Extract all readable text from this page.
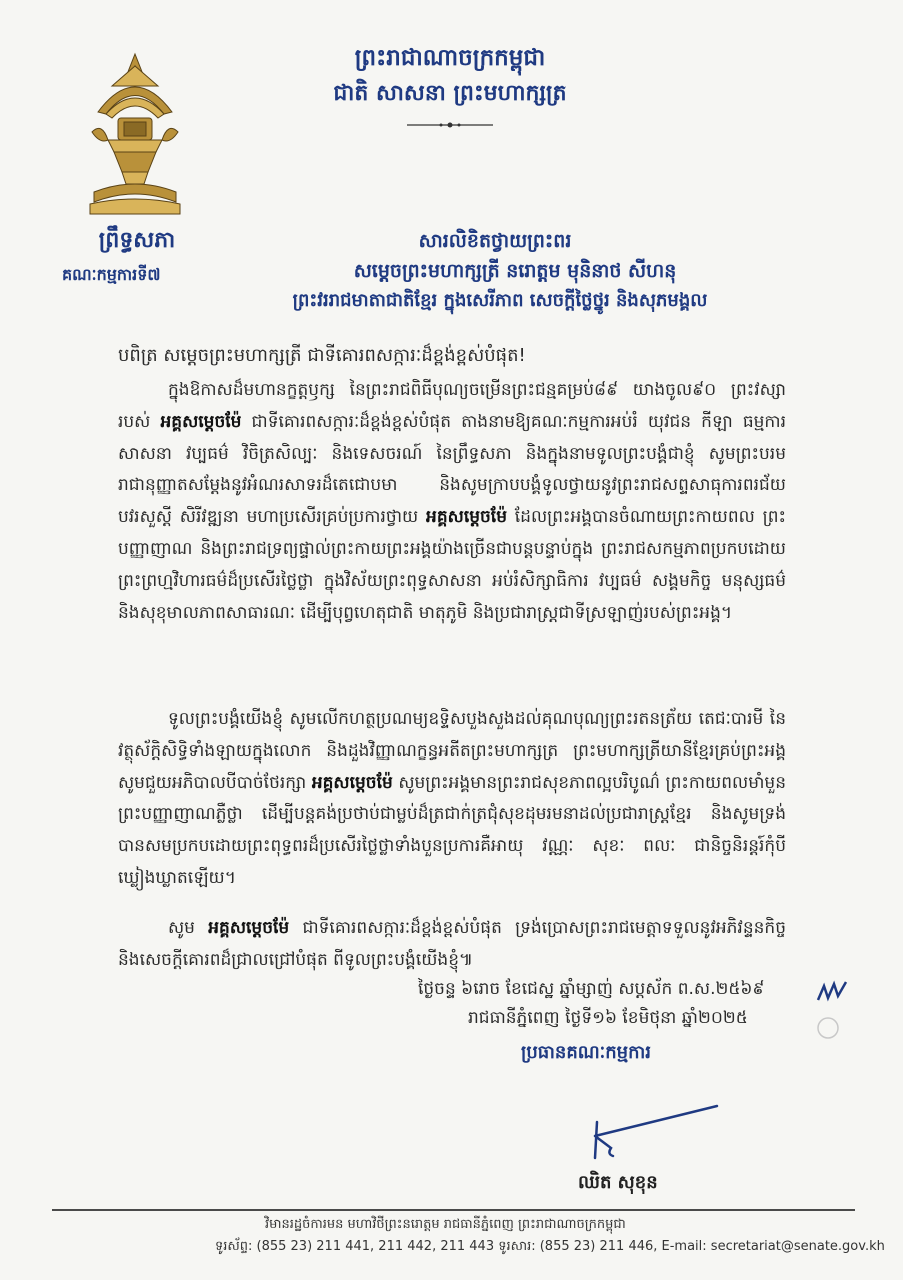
ព្រះរាជាណាចក្រកម្ពុជា
ជាតិ សាសនា ព្រះមហាក្សត្រ
ព្រឹទ្ធសភា
គណៈកម្មការទី៧
សារលិខិតថ្វាយព្រះពរ
សម្តេចព្រះមហាក្សត្រី នរោត្តម មុនិនាថ សីហនុ
ព្រះវររាជមាតាជាតិខ្មែរ ក្នុងសេរីភាព សេចក្តីថ្លៃថ្នូរ និងសុភមង្គល
បពិត្រ សម្តេចព្រះមហាក្សត្រី ជាទីគោរពសក្ការៈដ៏ខ្ពង់ខ្ពស់បំផុត!

ក្នុងឱកាសដ៏មហានក្ខត្តឫក្ស នៃព្រះរាជពិធីបុណ្យចម្រើនព្រះជន្មគម្រប់៨៩ យាងចូល៩០ ព្រះវស្សា របស់ អគ្គសម្តេចម៉ែ ជាទីគោរពសក្ការៈដ៏ខ្ពង់ខ្ពស់បំផុត តាងនាមឱ្យគណៈកម្មការអប់រំ យុវជន កីឡា ធម្មការ សាសនា វប្បធម៌ វិចិត្រសិល្បៈ និងទេសចរណ៍ នៃព្រឹទ្ធសភា និងក្នុងនាមទូលព្រះបង្គំជាខ្ញុំ សូមព្រះបរមរាជានុញ្ញាតសម្តែងនូវអំណរសាទរដ៏តេជោបមា និងសូមក្រាបបង្គំទូលថ្វាយនូវព្រះរាជសព្ទសាធុការពរជ័យ បវរសួស្តី សិរីវឌ្ឍនា មហាប្រសើរគ្រប់ប្រការថ្វាយ អគ្គសម្តេចម៉ែ ដែលព្រះអង្គបានចំណាយព្រះកាយពល ព្រះបញ្ញាញាណ និងព្រះរាជទ្រព្យផ្ទាល់ព្រះកាយព្រះអង្គយ៉ាងច្រើនជាបន្តបន្ទាប់ក្នុង ព្រះរាជសកម្មភាពប្រកបដោយព្រះព្រហ្មវិហារធម៌ដ៏ប្រសើរថ្លៃថ្លា ក្នុងវិស័យព្រះពុទ្ធសាសនា អប់រំសិក្សាធិការ វប្បធម៌ សង្គមកិច្ច មនុស្សធម៌ និងសុខុមាលភាពសាធារណៈ ដើម្បីបុព្វហេតុជាតិ មាតុភូមិ និងប្រជារាស្ត្រជាទីស្រឡាញ់របស់ព្រះអង្គ។

ទូលព្រះបង្គំយើងខ្ញុំ សូមលើកហត្ថប្រណម្យឧទ្ទិសបួងសួងដល់គុណបុណ្យព្រះរតនត្រ័យ តេជៈបារមី នៃវត្ថុស័ក្តិសិទ្ធិទាំងឡាយក្នុងលោក និងដួងវិញ្ញាណក្ខន្ធអតីតព្រះមហាក្សត្រ ព្រះមហាក្សត្រីយានីខ្មែរគ្រប់ព្រះអង្គ សូមជួយអភិបាលបីបាច់ថែរក្សា អគ្គសម្តេចម៉ែ សូមព្រះអង្គមានព្រះរាជសុខភាពល្អបរិបូណ៌ ព្រះកាយពលមាំមួន ព្រះបញ្ញាញាណភ្លឺថ្លា ដើម្បីបន្តគង់ប្រថាប់ជាម្លប់ដ៏ត្រជាក់ត្រជុំសុខដុមរមនាដល់ប្រជារាស្ត្រខ្មែរ និងសូមទ្រង់បានសមប្រកបដោយព្រះពុទ្ធពរដ៏ប្រសើរថ្លៃថ្លាទាំងបួនប្រការគឺអាយុ វណ្ណៈ សុខៈ ពលៈ ជានិច្ចនិរន្តរ៍កុំបីឃ្លៀងឃ្លាតឡើយ។

សូម អគ្គសម្តេចម៉ែ ជាទីគោរពសក្ការៈដ៏ខ្ពង់ខ្ពស់បំផុត ទ្រង់ប្រោសព្រះរាជមេត្តាទទួលនូវអភិវន្ទនកិច្ច និងសេចក្តីគោរពដ៏ជ្រាលជ្រៅបំផុត ពីទូលព្រះបង្គំយើងខ្ញុំ៕

ថ្ងៃចន្ទ ៦រោច ខែជេស្ឋ ឆ្នាំម្សាញ់ សប្តស័ក ព.ស.២៥៦៩
រាជធានីភ្នំពេញ ថ្ងៃទី១៦ ខែមិថុនា ឆ្នាំ២០២៥
ប្រធានគណៈកម្មការ
ឈិត សុខុន
វិមានរដ្ឋចំការមន មហាវិថីព្រះនរោត្តម រាជធានីភ្នំពេញ ព្រះរាជាណាចក្រកម្ពុជា
ទូរស័ព្ទ: (855 23) 211 441, 211 442, 211 443 ទូរសារ: (855 23) 211 446, E-mail: secretariat@senate.gov.kh
